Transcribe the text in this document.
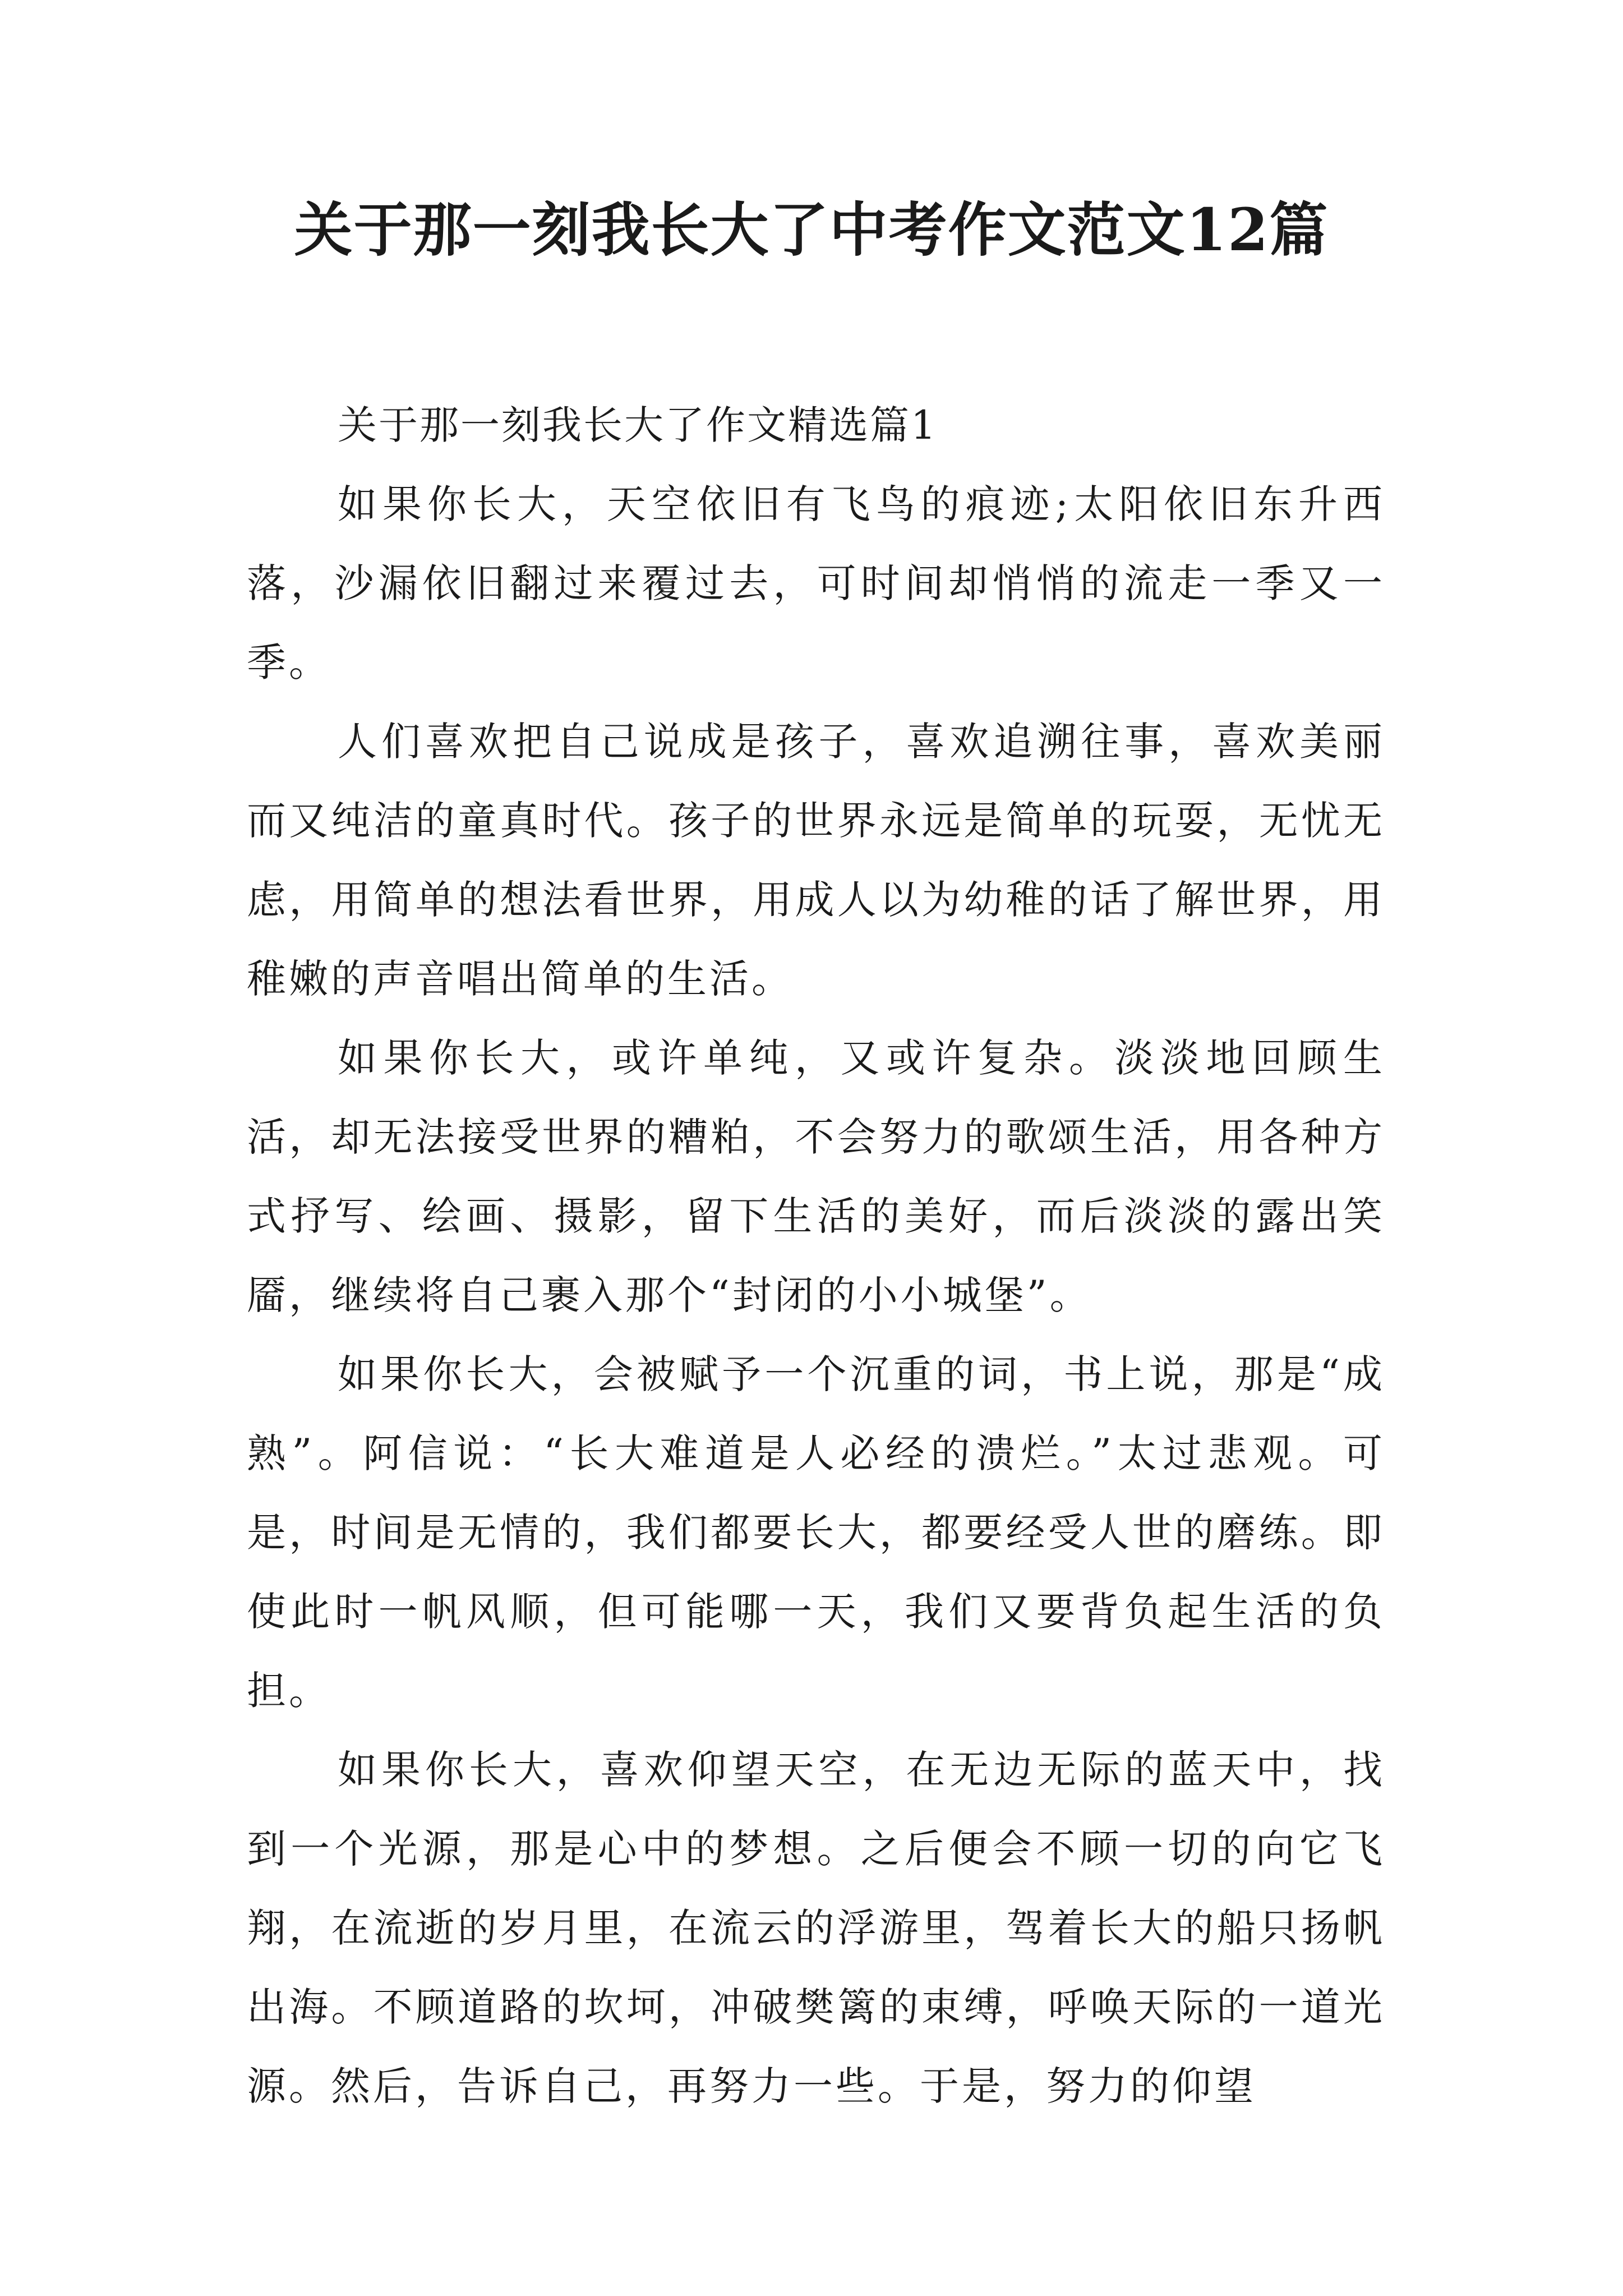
关于那一刻我长大了中考作文范文12篇

关于那一刻我长大了作文精选篇1

如果你长大，天空依旧有飞鸟的痕迹;太阳依旧东升西落，沙漏依旧翻过来覆过去，可时间却悄悄的流走一季又一季。

人们喜欢把自己说成是孩子，喜欢追溯往事，喜欢美丽而又纯洁的童真时代。孩子的世界永远是简单的玩耍，无忧无虑，用简单的想法看世界，用成人以为幼稚的话了解世界，用稚嫩的声音唱出简单的生活。

如果你长大，或许单纯，又或许复杂。淡淡地回顾生活，却无法接受世界的糟粕，不会努力的歌颂生活，用各种方式抒写、绘画、摄影，留下生活的美好，而后淡淡的露出笑靥，继续将自己裹入那个“封闭的小小城堡”。

如果你长大，会被赋予一个沉重的词，书上说，那是“成熟”。阿信说：“长大难道是人必经的溃烂。”太过悲观。可是，时间是无情的，我们都要长大，都要经受人世的磨练。即使此时一帆风顺，但可能哪一天，我们又要背负起生活的负担。

如果你长大，喜欢仰望天空，在无边无际的蓝天中，找到一个光源，那是心中的梦想。之后便会不顾一切的向它飞翔，在流逝的岁月里，在流云的浮游里，驾着长大的船只扬帆出海。不顾道路的坎坷，冲破樊篱的束缚，呼唤天际的一道光源。然后，告诉自己，再努力一些。于是，努力的仰望
